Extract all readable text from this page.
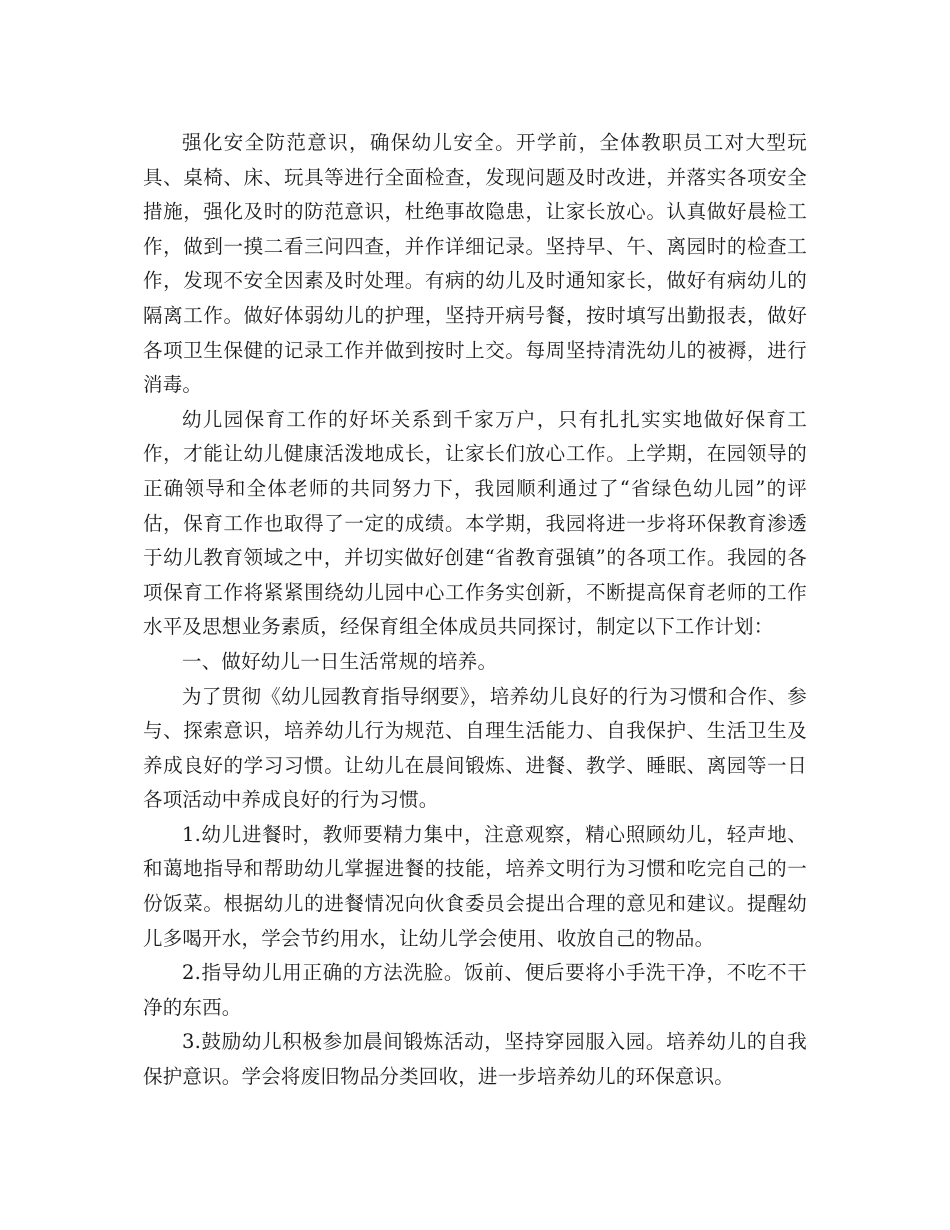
强化安全防范意识，确保幼儿安全。开学前，全体教职员工对大型玩具、桌椅、床、玩具等进行全面检查，发现问题及时改进，并落实各项安全措施，强化及时的防范意识，杜绝事故隐患，让家长放心。认真做好晨检工作，做到一摸二看三问四查，并作详细记录。坚持早、午、离园时的检查工作，发现不安全因素及时处理。有病的幼儿及时通知家长，做好有病幼儿的隔离工作。做好体弱幼儿的护理，坚持开病号餐，按时填写出勤报表，做好各项卫生保健的记录工作并做到按时上交。每周坚持清洗幼儿的被褥，进行消毒。

幼儿园保育工作的好坏关系到千家万户，只有扎扎实实地做好保育工作，才能让幼儿健康活泼地成长，让家长们放心工作。上学期，在园领导的正确领导和全体老师的共同努力下，我园顺利通过了“省绿色幼儿园”的评估，保育工作也取得了一定的成绩。本学期，我园将进一步将环保教育渗透于幼儿教育领域之中，并切实做好创建“省教育强镇”的各项工作。我园的各项保育工作将紧紧围绕幼儿园中心工作务实创新，不断提高保育老师的工作水平及思想业务素质，经保育组全体成员共同探讨，制定以下工作计划：

一、做好幼儿一日生活常规的培养。

为了贯彻《幼儿园教育指导纲要》，培养幼儿良好的行为习惯和合作、参与、探索意识，培养幼儿行为规范、自理生活能力、自我保护、生活卫生及养成良好的学习习惯。让幼儿在晨间锻炼、进餐、教学、睡眠、离园等一日各项活动中养成良好的行为习惯。

1.幼儿进餐时，教师要精力集中，注意观察，精心照顾幼儿，轻声地、和蔼地指导和帮助幼儿掌握进餐的技能，培养文明行为习惯和吃完自己的一份饭菜。根据幼儿的进餐情况向伙食委员会提出合理的意见和建议。提醒幼儿多喝开水，学会节约用水，让幼儿学会使用、收放自己的物品。

2.指导幼儿用正确的方法洗脸。饭前、便后要将小手洗干净，不吃不干净的东西。

3.鼓励幼儿积极参加晨间锻炼活动，坚持穿园服入园。培养幼儿的自我保护意识。学会将废旧物品分类回收，进一步培养幼儿的环保意识。
